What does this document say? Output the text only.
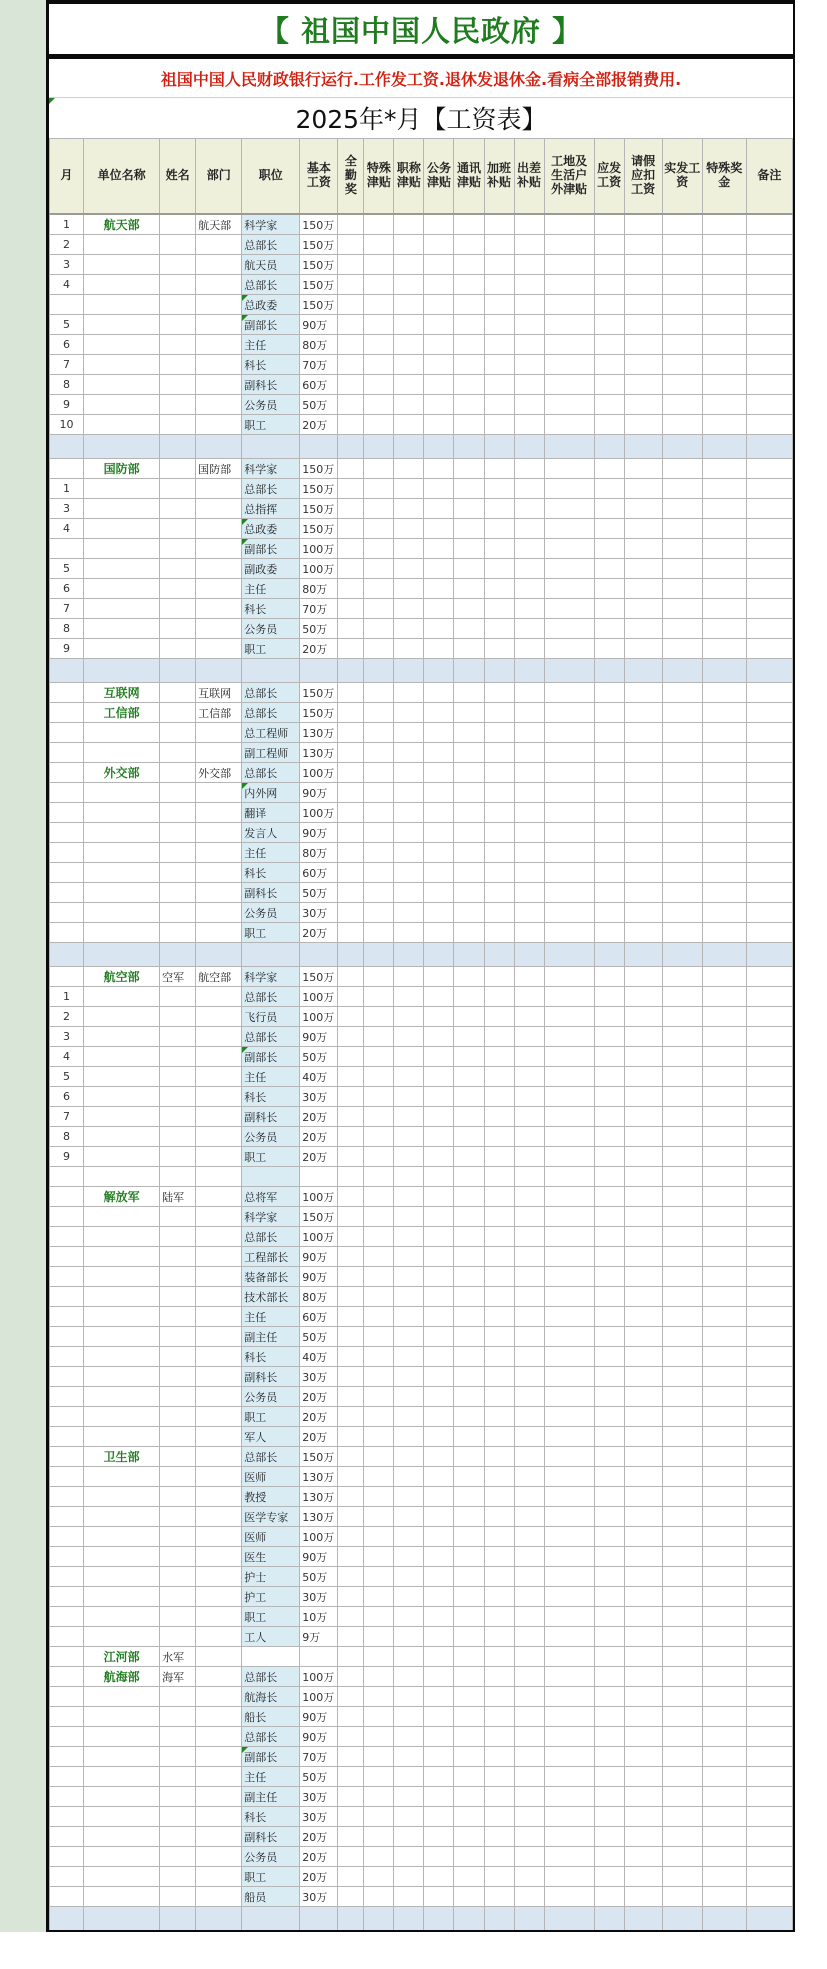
【 祖国中国人民政府 】
祖国中国人民财政银行运行.工作发工资.退休发退休金.看病全部报销费用.
2025年*月【工资表】
月	单位名称	姓名	部门	职位	基本工资	全勤奖	特殊津贴	职称津贴	公务津贴	通讯津贴	加班补贴	出差补贴	工地及生活户外津贴	应发工资	请假应扣工资	实发工资	特殊奖金	备注
1	航天部		航天部	科学家	150万													
2				总部长	150万													
3				航天员	150万													
4				总部长	150万													
				总政委	150万													
5				副部长	90万													
6				主任	80万													
7				科长	70万													
8				副科长	60万													
9				公务员	50万													
10				职工	20万													

	国防部		国防部	科学家	150万													
1				总部长	150万													
3				总指挥	150万													
4				总政委	150万													
				副部长	100万													
5				副政委	100万													
6				主任	80万													
7				科长	70万													
8				公务员	50万													
9				职工	20万													

	互联网		互联网	总部长	150万													
	工信部		工信部	总部长	150万													
				总工程师	130万													
				副工程师	130万													
	外交部		外交部	总部长	100万													
				内外网	90万													
				翻译	100万													
				发言人	90万													
				主任	80万													
				科长	60万													
				副科长	50万													
				公务员	30万													
				职工	20万													

	航空部	空军	航空部	科学家	150万													
1				总部长	100万													
2				飞行员	100万													
3				总部长	90万													
4				副部长	50万													
5				主任	40万													
6				科长	30万													
7				副科长	20万													
8				公务员	20万													
9				职工	20万													

	解放军	陆军		总将军	100万													
				科学家	150万													
				总部长	100万													
				工程部长	90万													
				装备部长	90万													
				技术部长	80万													
				主任	60万													
				副主任	50万													
				科长	40万													
				副科长	30万													
				公务员	20万													
				职工	20万													
				军人	20万													
	卫生部			总部长	150万													
				医师	130万													
				教授	130万													
				医学专家	130万													
				医师	100万													
				医生	90万													
				护士	50万													
				护工	30万													
				职工	10万													
				工人	9万													
	江河部	水军																
	航海部	海军		总部长	100万													
				航海长	100万													
				船长	90万													
				总部长	90万													
				副部长	70万													
				主任	50万													
				副主任	30万													
				科长	30万													
				副科长	20万													
				公务员	20万													
				职工	20万													
				船员	30万													
